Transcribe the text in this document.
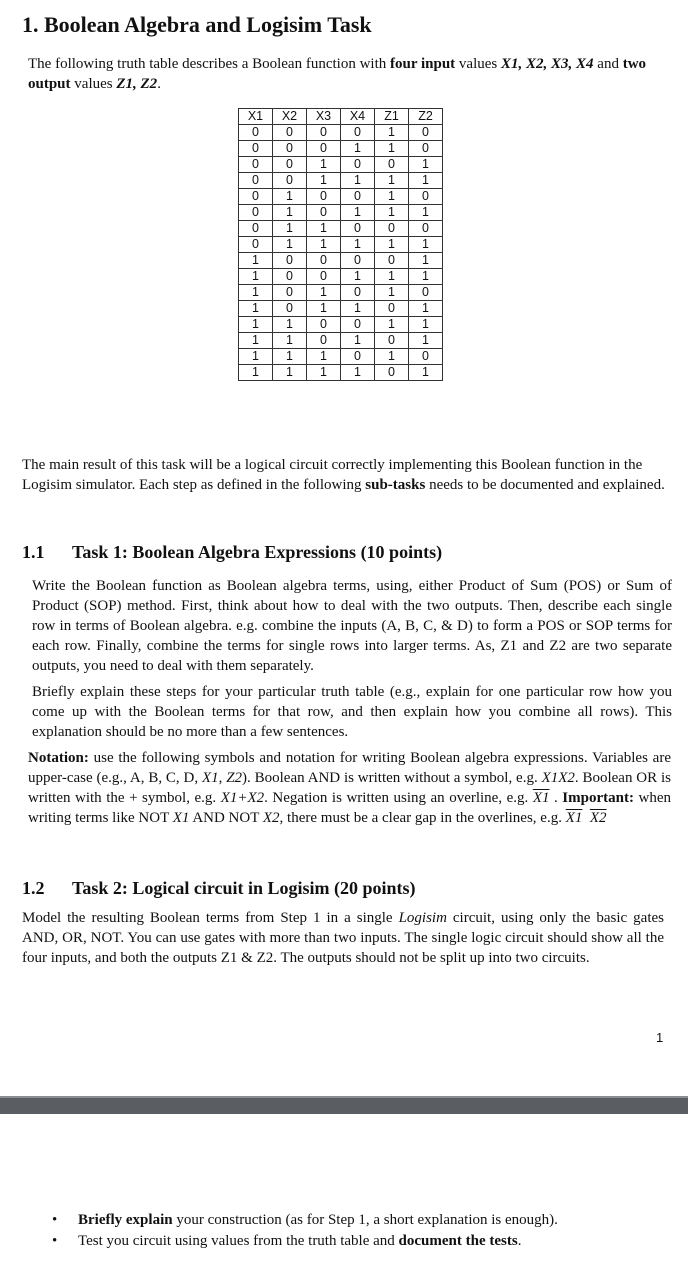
1. Boolean Algebra and Logisim Task
The following truth table describes a Boolean function with four input values X1, X2, X3, X4 and two output values Z1, Z2.
X1	X2	X3	X4	Z1	Z2
0	0	0	0	1	0
0	0	0	1	1	0
0	0	1	0	0	1
0	0	1	1	1	1
0	1	0	0	1	0
0	1	0	1	1	1
0	1	1	0	0	0
0	1	1	1	1	1
1	0	0	0	0	1
1	0	0	1	1	1
1	0	1	0	1	0
1	0	1	1	0	1
1	1	0	0	1	1
1	1	0	1	0	1
1	1	1	0	1	0
1	1	1	1	0	1
The main result of this task will be a logical circuit correctly implementing this Boolean function in the Logisim simulator. Each step as defined in the following sub-tasks needs to be documented and explained.
1.1 Task 1: Boolean Algebra Expressions (10 points)
Write the Boolean function as Boolean algebra terms, using, either Product of Sum (POS) or Sum of Product (SOP) method. First, think about how to deal with the two outputs. Then, describe each single row in terms of Boolean algebra. e.g. combine the inputs (A, B, C, & D) to form a POS or SOP terms for each row. Finally, combine the terms for single rows into larger terms. As, Z1 and Z2 are two separate outputs, you need to deal with them separately.
Briefly explain these steps for your particular truth table (e.g., explain for one particular row how you come up with the Boolean terms for that row, and then explain how you combine all rows). This explanation should be no more than a few sentences.
Notation: use the following symbols and notation for writing Boolean algebra expressions. Variables are upper-case (e.g., A, B, C, D, X1, Z2). Boolean AND is written without a symbol, e.g. X1X2. Boolean OR is written with the + symbol, e.g. X1+X2. Negation is written using an overline, e.g. X1 . Important: when writing terms like NOT X1 AND NOT X2, there must be a clear gap in the overlines, e.g. X1 X2
1.2 Task 2: Logical circuit in Logisim (20 points)
Model the resulting Boolean terms from Step 1 in a single Logisim circuit, using only the basic gates AND, OR, NOT. You can use gates with more than two inputs. The single logic circuit should show all the four inputs, and both the outputs Z1 & Z2. The outputs should not be split up into two circuits.
1
• Briefly explain your construction (as for Step 1, a short explanation is enough).
• Test you circuit using values from the truth table and document the tests.
